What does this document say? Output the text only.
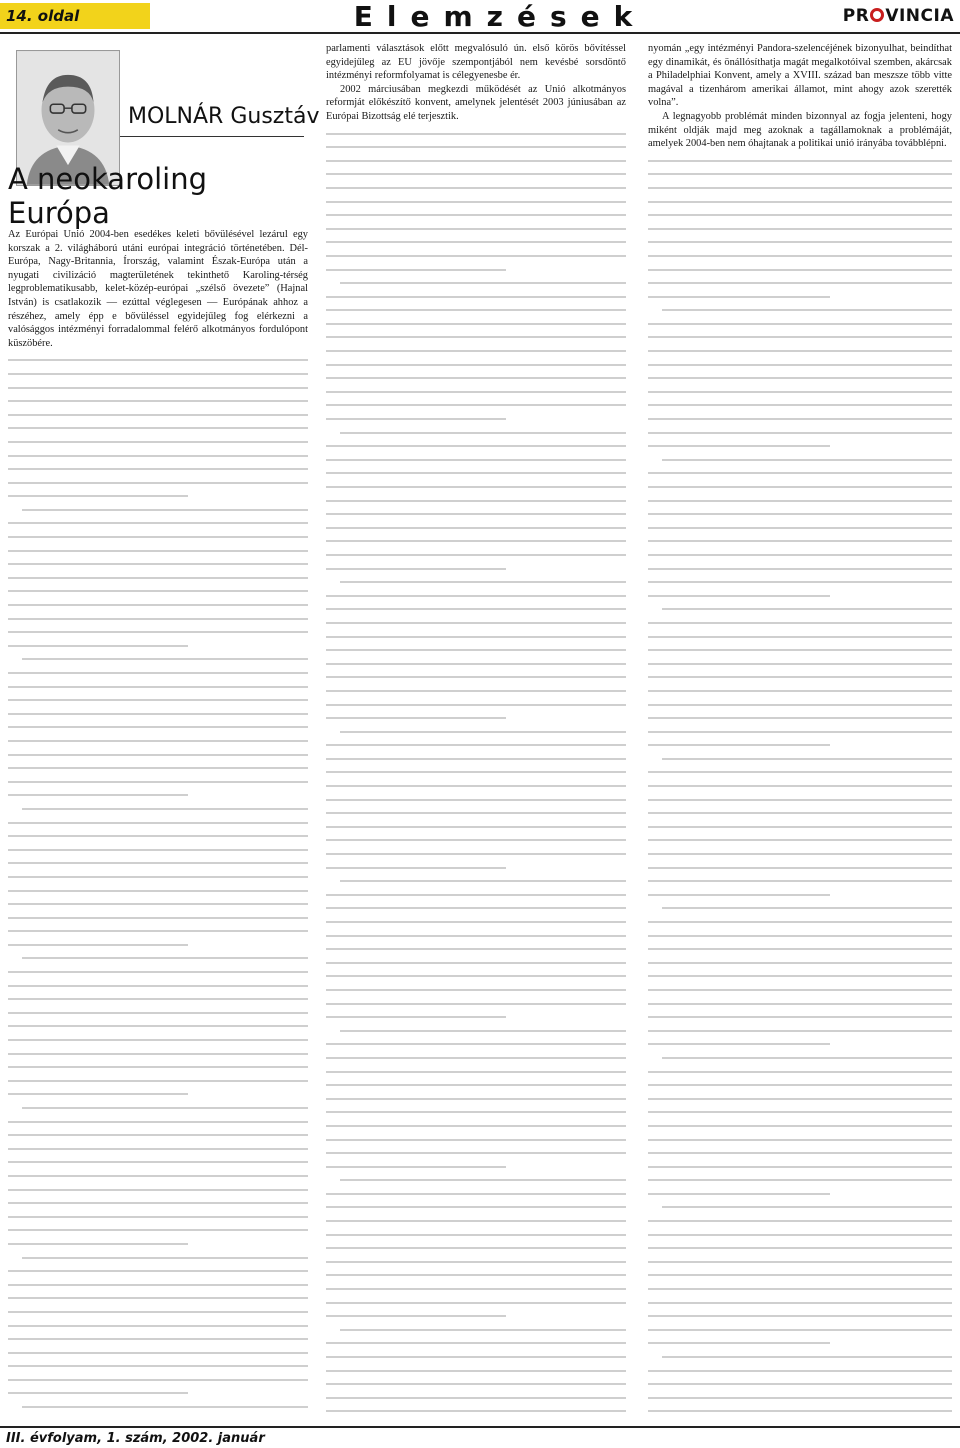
14. oldal	Elemzések	PR VINCIA
MOLNÁR Gusztáv
A neokaroling Európa

Az Európai Unió 2004-ben esedékes keleti bővülésével lezárul egy korszak a 2. világháború utáni európai integráció történetében. Dél-Európa, Nagy-Britannia, Írország, valamint Észak-Európa után a nyugati civilizáció magterületének tekinthető Karoling-térség legproblematikusabb, kelet-közép-európai „szélső övezete” (Hajnal István) is csatlakozik — ezúttal véglegesen — Európának ahhoz a részéhez, amely épp e bővüléssel egyidejűleg fog elérkezni a valósággos intézményi forradalommal felérő alkotmányos fordulópont küszöbére.

parlamenti választások előtt megvalósuló ún. első körös bővítéssel egyidejűleg az EU jövője szempontjából nem kevésbé sorsdöntő intézményi reformfolyamat is célegyenesbe ér.

2002 márciusában megkezdi működését az Unió alkotmányos reformját előkészítő konvent, amelynek jelentését 2003 júniusában az Európai Bizottság elé terjesztik.

nyomán „egy intézményi Pandora-szelencéjének bizonyulhat, beindíthat egy dinamikát, és önállósíthatja magát megalkotóival szemben, akárcsak a Philadelphiai Konvent, amely a XVIII. század ban meszsze több vitte magával a tizenhárom amerikai államot, mint ahogy azok szerették volna”.

A legnagyobb problémát minden bizonnyal az fogja jelenteni, hogy miként oldják majd meg azoknak a tagállamoknak a problémáját, amelyek 2004-ben nem óhajtanak a politikai unió irányába továbblépni.

III. évfolyam, 1. szám, 2002. január
